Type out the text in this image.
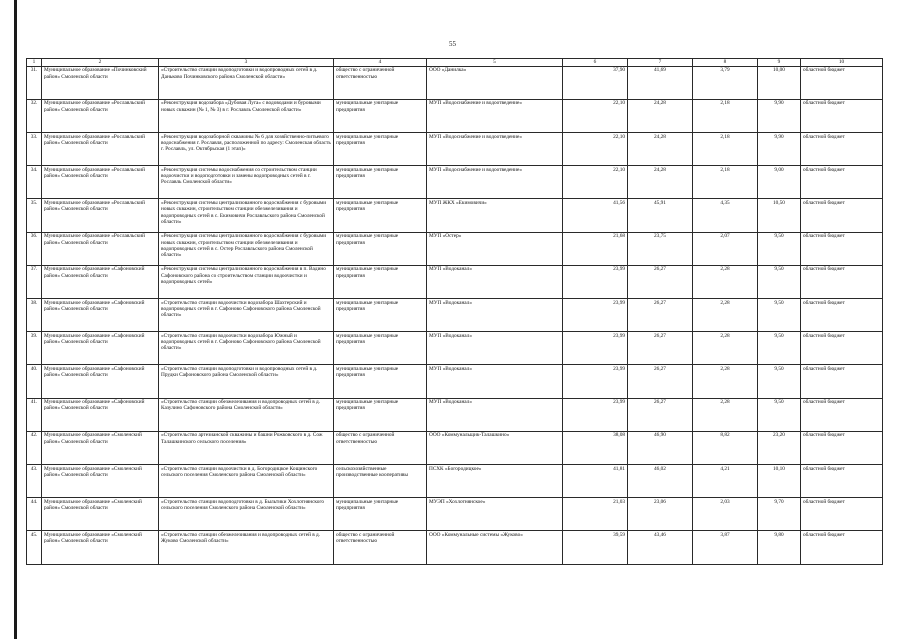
55
1	2	3	4	5	6	7	8	9	10
31.	Муниципальное образование «Починковский район» Смоленской области	«Строительство станции водоподготовки и водопроводных сетей в д. Даньково Починковского района Смоленской области»	общество с ограниченной ответственностью	ООО «Данилка»	37,90	41,69	3,79	10,00	областной бюджет
32.	Муниципальное образование «Рославльский район» Смоленской области	«Реконструкция водозабора «Дубовая Луга» с водоводами и буровыми новых скважин (№ 1, № 3) в г. Рославль Смоленской области»	муниципальные унитарные предприятия	МУП «Водоснабжение и водоотведение»	22,10	24,28	2,18	9,90	областной бюджет
33.	Муниципальное образование «Рославльский район» Смоленской области	«Реконструкция водозаборной скважины № 6 для хозяйственно-питьевого водоснабжения г. Рославля, расположенной по адресу: Смоленская область г. Рославль, ул. Октябрьская (1 этап)»	муниципальные унитарные предприятия	МУП «Водоснабжение и водоотведение»	22,10	24,28	2,18	9,90	областной бюджет
34.	Муниципальное образование «Рославльский район» Смоленской области	«Реконструкция системы водоснабжения со строительством станции водоочистки и водоподготовки и замены водопроводных сетей в г. Рославль Смоленской области»	муниципальные унитарные предприятия	МУП «Водоснабжение и водоотведение»	22,10	24,28	2,18	9,00	областной бюджет
35.	Муниципальное образование «Рославльский район» Смоленской области	«Реконструкция системы централизованного водоснабжения с буровыми новых скважин, строительством станции обезжелезивания и водопроводных сетей в с. Екимовичи Рославльского района Смоленской области»	муниципальные унитарные предприятия	МУП ЖКХ «Екимовичи»	41,56	45,91	4,35	10,50	областной бюджет
36.	Муниципальное образование «Рославльский район» Смоленской области	«Реконструкция системы централизованного водоснабжения с буровыми новых скважин, строительством станции обезжелезивания и водопроводных сетей в с. Остер Рославльского района Смоленской области»	муниципальные унитарные предприятия	МУП «Остер»	21,68	23,75	2,07	9,50	областной бюджет
37.	Муниципальное образование «Сафоновский район» Смоленской области	«Реконструкция системы централизованного водоснабжения в п. Вадино Сафоновского района со строительством станции водоочистки и водопроводных сетей»	муниципальные унитарные предприятия	МУП «Водоканал»	23,99	26,27	2,28	9,50	областной бюджет
38.	Муниципальное образование «Сафоновский район» Смоленской области	«Строительство станции водоочистки водозабора Шахтерский и водопроводных сетей в г. Сафоново Сафоновского района Смоленской области»	муниципальные унитарные предприятия	МУП «Водоканал»	23,99	26,27	2,28	9,50	областной бюджет
39.	Муниципальное образование «Сафоновский район» Смоленской области	«Строительство станции водоочистки водозабора Южный и водопроводных сетей в г. Сафоново Сафоновского района Смоленской области»	муниципальные унитарные предприятия	МУП «Водоканал»	23,99	26,27	2,28	9,50	областной бюджет
40.	Муниципальное образование «Сафоновский район» Смоленской области	«Строительство станции водоподготовки и водопроводных сетей в д. Прудки Сафоновского района Смоленской области»	муниципальные унитарные предприятия	МУП «Водоканал»	23,99	26,27	2,28	9,50	областной бюджет
41.	Муниципальное образование «Сафоновский район» Смоленской области	«Строительство станции обезжелезивания и водопроводных сетей в д. Казулино Сафоновского района Смоленской области»	муниципальные унитарные предприятия	МУП «Водоканал»	23,99	26,27	2,28	9,50	областной бюджет
42.	Муниципальное образование «Смоленский район» Смоленской области	«Строительство артезианской скважины и башни Рожковского в д. Сож Талашкинского сельского поселения»	общество с ограниченной ответственностью	ООО «Коммунальщик-Талашкино»	38,08	46,90	8,82	23,20	областной бюджет
43.	Муниципальное образование «Смоленский район» Смоленской области	«Строительство станции водоочистки в д. Богородицкое Кощинского сельского поселения Смоленского района Смоленской области»	сельскохозяйственные производственные кооперативы	ПСХК «Богородицкое»	41,81	46,02	4,21	10,10	областной бюджет
44.	Муниципальное образование «Смоленский район» Смоленской области	«Строительство станции водоподготовки в д. Быльтики Хохлотнянского сельского поселения Смоленского района Смоленской области»	муниципальные унитарные предприятия	МУЭП «Хохлотнянское»	21,03	23,06	2,03	9,70	областной бюджет
45.	Муниципальное образование «Смоленский район» Смоленской области	«Строительство станции обезжелезивания и водопроводных сетей в д. Жуково Смоленской области»	общество с ограниченной ответственностью	ООО «Коммунальные системы «Жуково»	39,59	43,46	3,87	9,80	областной бюджет
